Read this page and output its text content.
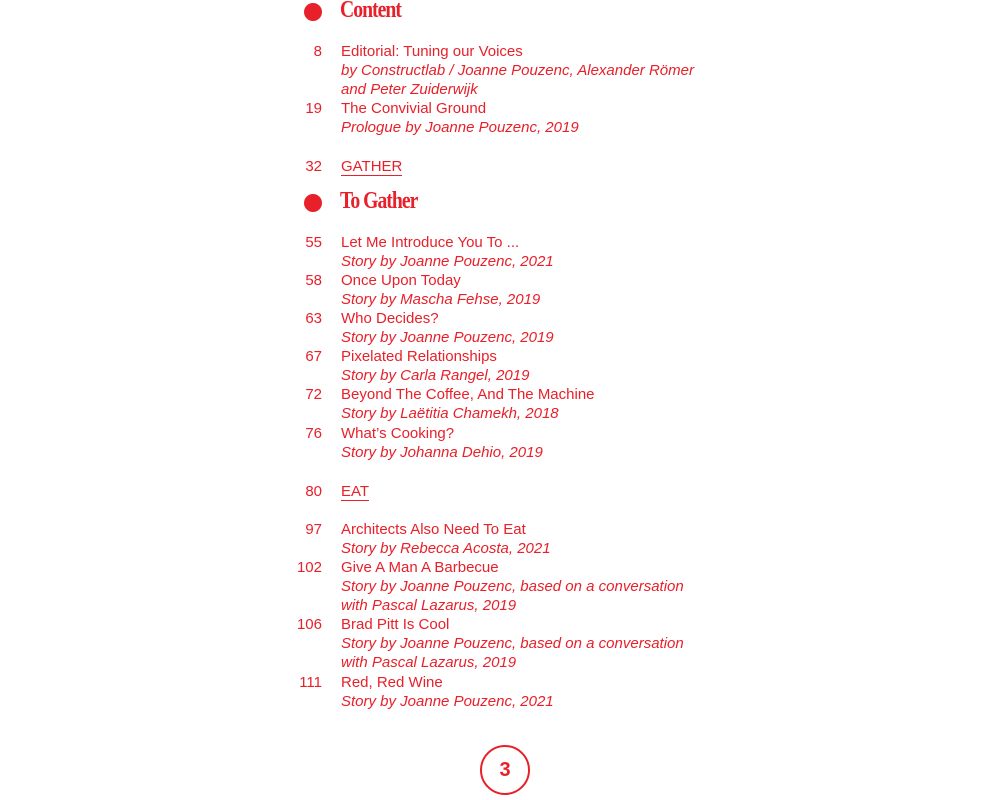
Content
8 Editorial: Tuning our Voices
by Constructlab / Joanne Pouzenc, Alexander Römer
and Peter Zuiderwijk
19 The Convivial Ground
Prologue by Joanne Pouzenc, 2019
32 GATHER
To Gather
55 Let Me Introduce You To ...
Story by Joanne Pouzenc, 2021
58 Once Upon Today
Story by Mascha Fehse, 2019
63 Who Decides?
Story by Joanne Pouzenc, 2019
67 Pixelated Relationships
Story by Carla Rangel, 2019
72 Beyond The Coffee, And The Machine
Story by Laëtitia Chamekh, 2018
76 What’s Cooking?
Story by Johanna Dehio, 2019
80 EAT
97 Architects Also Need To Eat
Story by Rebecca Acosta, 2021
102 Give A Man A Barbecue
Story by Joanne Pouzenc, based on a conversation
with Pascal Lazarus, 2019
106 Brad Pitt Is Cool
Story by Joanne Pouzenc, based on a conversation
with Pascal Lazarus, 2019
111 Red, Red Wine
Story by Joanne Pouzenc, 2021
3
